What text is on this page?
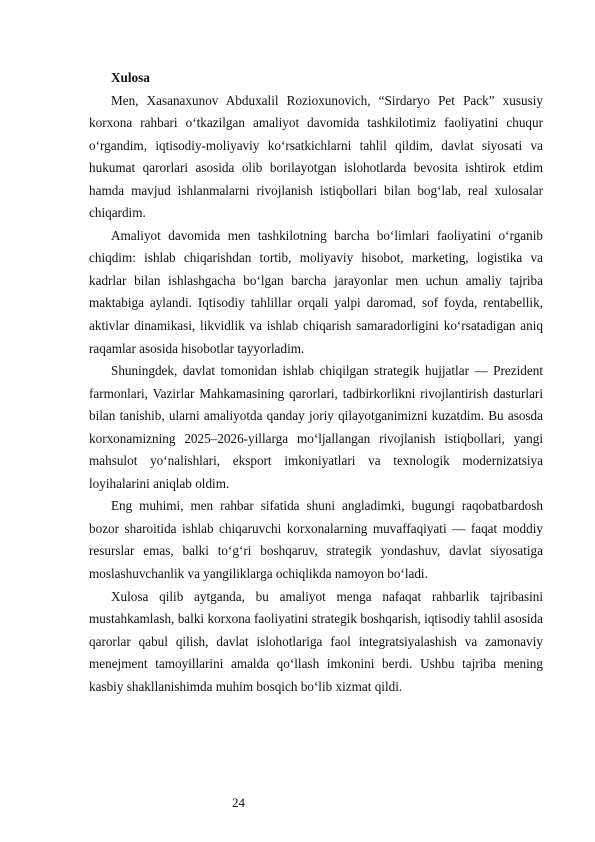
Xulosa

Men, Xasanaxunov Abduxalil Rozioxunovich, “Sirdaryo Pet Pack” xususiy korxona rahbari o‘tkazilgan amaliyot davomida tashkilotimiz faoliyatini chuqur o‘rgandim, iqtisodiy-moliyaviy ko‘rsatkichlarni tahlil qildim, davlat siyosati va hukumat qarorlari asosida olib borilayotgan islohotlarda bevosita ishtirok etdim hamda mavjud ishlanmalarni rivojlanish istiqbollari bilan bog‘lab, real xulosalar chiqardim.

Amaliyot davomida men tashkilotning barcha bo‘limlari faoliyatini o‘rganib chiqdim: ishlab chiqarishdan tortib, moliyaviy hisobot, marketing, logistika va kadrlar bilan ishlashgacha bo‘lgan barcha jarayonlar men uchun amaliy tajriba maktabiga aylandi. Iqtisodiy tahlillar orqali yalpi daromad, sof foyda, rentabellik, aktivlar dinamikasi, likvidlik va ishlab chiqarish samaradorligini ko‘rsatadigan aniq raqamlar asosida hisobotlar tayyorladim.

Shuningdek, davlat tomonidan ishlab chiqilgan strategik hujjatlar — Prezident farmonlari, Vazirlar Mahkamasining qarorlari, tadbirkorlikni rivojlantirish dasturlari bilan tanishib, ularni amaliyotda qanday joriy qilayotganimizni kuzatdim. Bu asosda korxonamizning 2025–2026-yillarga mo‘ljallangan rivojlanish istiqbollari, yangi mahsulot yo‘nalishlari, eksport imkoniyatlari va texnologik modernizatsiya loyihalarini aniqlab oldim.

Eng muhimi, men rahbar sifatida shuni angladimki, bugungi raqobatbardosh bozor sharoitida ishlab chiqaruvchi korxonalarning muvaffaqiyati — faqat moddiy resurslar emas, balki to‘g‘ri boshqaruv, strategik yondashuv, davlat siyosatiga moslashuvchanlik va yangiliklarga ochiqlikda namoyon bo‘ladi.

Xulosa qilib aytganda, bu amaliyot menga nafaqat rahbarlik tajribasini mustahkamlash, balki korxona faoliyatini strategik boshqarish, iqtisodiy tahlil asosida qarorlar qabul qilish, davlat islohotlariga faol integratsiyalashish va zamonaviy menejment tamoyillarini amalda qo‘llash imkonini berdi. Ushbu tajriba mening kasbiy shakllanishimda muhim bosqich bo‘lib xizmat qildi.

24
